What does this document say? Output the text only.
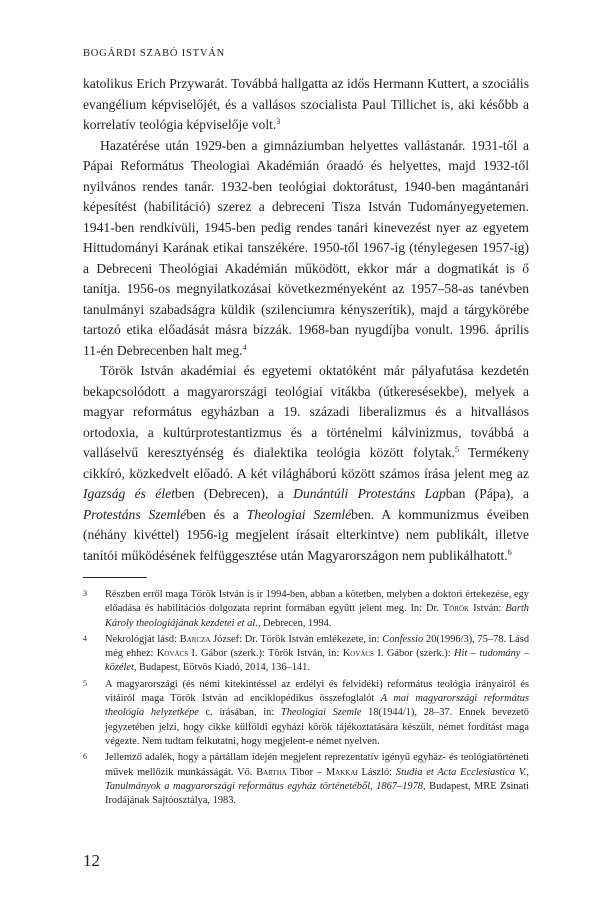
BOGÁRDI SZABÓ ISTVÁN

katolikus Erich Przywarát. Továbbá hallgatta az idős Hermann Kuttert, a szociális evangélium képviselőjét, és a vallásos szocialista Paul Tillichet is, aki később a korrelatív teológia képviselője volt.$^3$

Hazatérése után 1929-ben a gimnáziumban helyettes vallástanár. 1931-től a Pápai Református Theologiai Akadémián óraadó és helyettes, majd 1932-től nyilvános rendes tanár. 1932-ben teológiai doktorátust, 1940-ben magántanári képesítést (habilitáció) szerez a debreceni Tisza István Tudományegyetemen. 1941-ben rendkívüli, 1945-ben pedig rendes tanári kinevezést nyer az egyetem Hittudományi Karának etikai tanszékére. 1950-től 1967-ig (ténylegesen 1957-ig) a Debreceni Theológiai Akadémián működött, ekkor már a dogmatikát is ő tanítja. 1956-os megnyilatkozásai következményeként az 1957–58-as tanévben tanulmányi szabadságra küldik (szilenciumra kényszerítik), majd a tárgykörébe tartozó etika előadását másra bízzák. 1968-ban nyugdíjba vonult. 1996. április 11-én Debrecenben halt meg.$^4$

Török István akadémiai és egyetemi oktatóként már pályafutása kezdetén bekapcsolódott a magyarországi teológiai vitákba (útkeresésekbe), melyek a magyar református egyházban a 19. századi liberalizmus és a hitvallásos ortodoxia, a kultúrprotestantizmus és a történelmi kálvinizmus, továbbá a valláselvű keresztyénség és dialektika teológia között folytak.$^5$ Termékeny cikkíró, közkedvelt előadó. A két világháború között számos írása jelent meg az Igazság és életben (Debrecen), a Dunántúli Protestáns Lapban (Pápa), a Protestáns Szemlében és a Theologiai Szemlében. A kommunizmus éveiben (néhány kivéttel) 1956-ig megjelent írásait elterkintve) nem publikált, illetve tanítói működésének felfüggesztése után Magyarországon nem publikálhatott.$^6$

3 Részben erről maga Török István is ír 1994-ben, abban a kötetben, melyben a doktori értekezése, egy előadása és habilitációs dolgozata reprint formában együtt jelent meg. In: Dr. Török István: Barth Károly theologiájának kezdetei et al., Debrecen, 1994.
4 Nekrológját lásd: Barcza József: Dr. Török István emlékezete, in: Confessio 20(1996/3), 75–78. Lásd még ehhez: Kovács I. Gábor (szerk.): Török István, in: Kovács I. Gábor (szerk.): Hit – tudomány – közélet, Budapest, Eötvös Kiadó, 2014, 136–141.
5 A magyarországi (és némi kitekintéssel az erdélyi és felvidéki) református teológia irányairól és vitáiról maga Török István ad enciklopédikus összefoglalót A mai magyarországi református theológia helyzetképe c. írásában, in: Theologiai Szemle 18(1944/1), 28–37. Ennek bevezető jegyzetében jelzi, hogy cikke külföldi egyházi körök tájékoztatására készült, német fordítást maga végezte. Nem tudtam felkutatni, hogy megjelent-e német nyelven.
6 Jellemző adalék, hogy a pártállam idején megjelent reprezentatív igényű egyház- és teológiatörténeti művek mellőzik munkásságát. Vö. Bartha Tibor – Makkai László: Studia et Acta Ecclesiastica V., Tanulmányok a magyarországi református egyház történetéből, 1867–1978, Budapest, MRE Zsinati Irodájának Sajtóosztálya, 1983.
12
